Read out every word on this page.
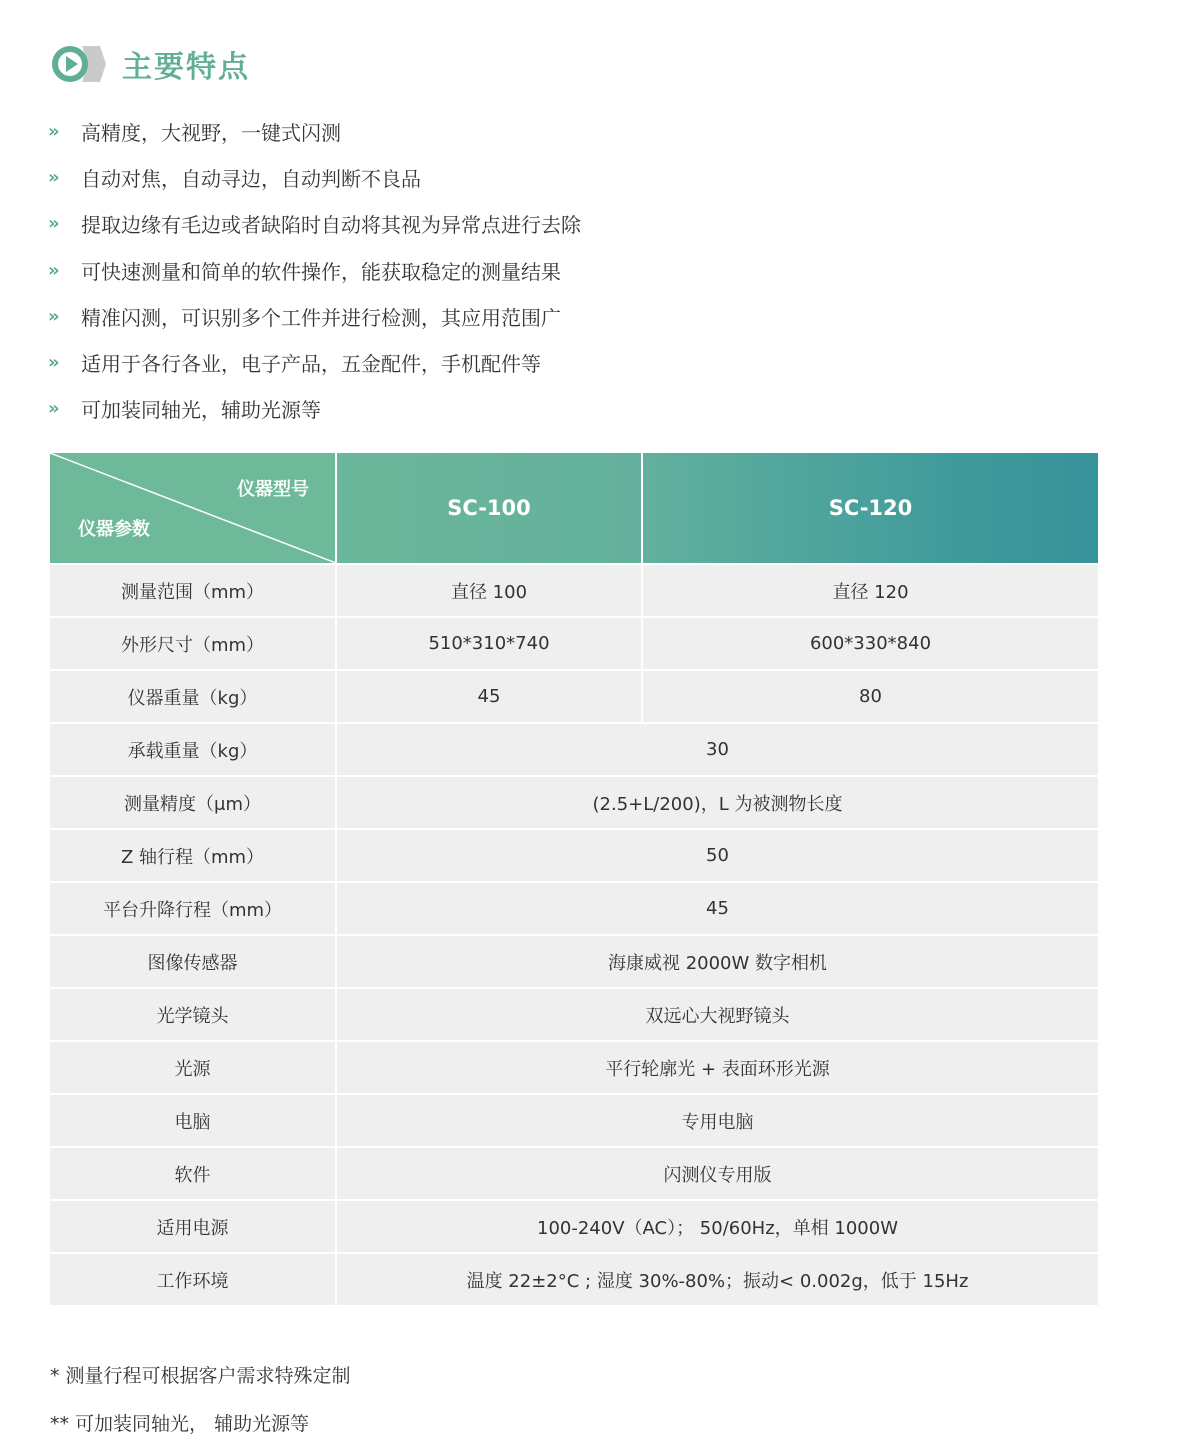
主要特点
»	高精度，大视野，一键式闪测
»	自动对焦，自动寻边，自动判断不良品
»	提取边缘有毛边或者缺陷时自动将其视为异常点进行去除
»	可快速测量和简单的软件操作，能获取稳定的测量结果
»	精准闪测，可识别多个工件并进行检测，其应用范围广
»	适用于各行各业，电子产品，五金配件，手机配件等
»	可加装同轴光，辅助光源等
仪器型号
仪器参数	SC-100	SC-120
测量范围（mm）	直径 100	直径 120
外形尺寸（mm）	510*310*740	600*330*840
仪器重量（kg）	45	80
承载重量（kg）	30	
测量精度（μm）	(2.5+L/200)，L 为被测物长度	
Z 轴行程（mm）	50	
平台升降行程（mm）	45	
图像传感器	海康威视 2000W 数字相机	
光学镜头	双远心大视野镜头	
光源	平行轮廓光 + 表面环形光源	
电脑	专用电脑	
软件	闪测仪专用版	
适用电源	100-240V（AC）； 50/60Hz，单相 1000W	
工作环境	温度 22±2°C ; 湿度 30%-80%；振动< 0.002g，低于 15Hz	
* 测量行程可根据客户需求特殊定制
** 可加装同轴光， 辅助光源等
